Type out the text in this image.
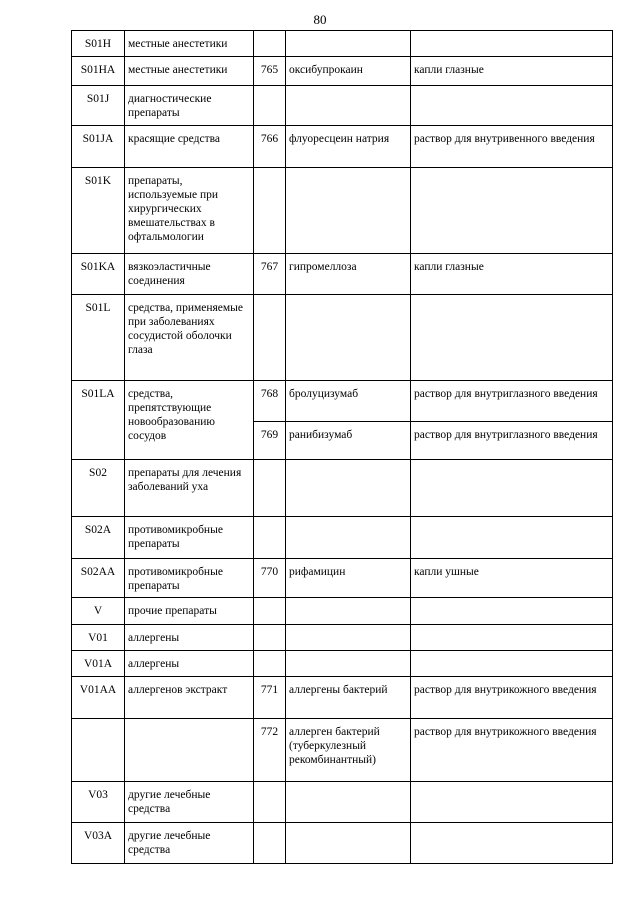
80
S01H	местные анестетики			
S01HA	местные анестетики	765	оксибупрокаин	капли глазные
S01J	диагностические препараты			
S01JA	красящие средства	766	флуоресцеин натрия	раствор для внутривенного введения
S01K	препараты, используемые при хирургических вмешательствах в офтальмологии			
S01KA	вязкоэластичные соединения	767	гипромеллоза	капли глазные
S01L	средства, применяемые при заболеваниях сосудистой оболочки глаза			
S01LA	средства, препятствующие новообразованию сосудов	768	бролуцизумаб	раствор для внутриглазного введения
		769	ранибизумаб	раствор для внутриглазного введения
S02	препараты для лечения заболеваний уха			
S02A	противомикробные препараты			
S02AA	противомикробные препараты	770	рифамицин	капли ушные
V	прочие препараты			
V01	аллергены			
V01A	аллергены			
V01AA	аллергенов экстракт	771	аллергены бактерий	раствор для внутрикожного введения
		772	аллерген бактерий (туберкулезный рекомбинантный)	раствор для внутрикожного введения
V03	другие лечебные средства			
V03A	другие лечебные средства			
